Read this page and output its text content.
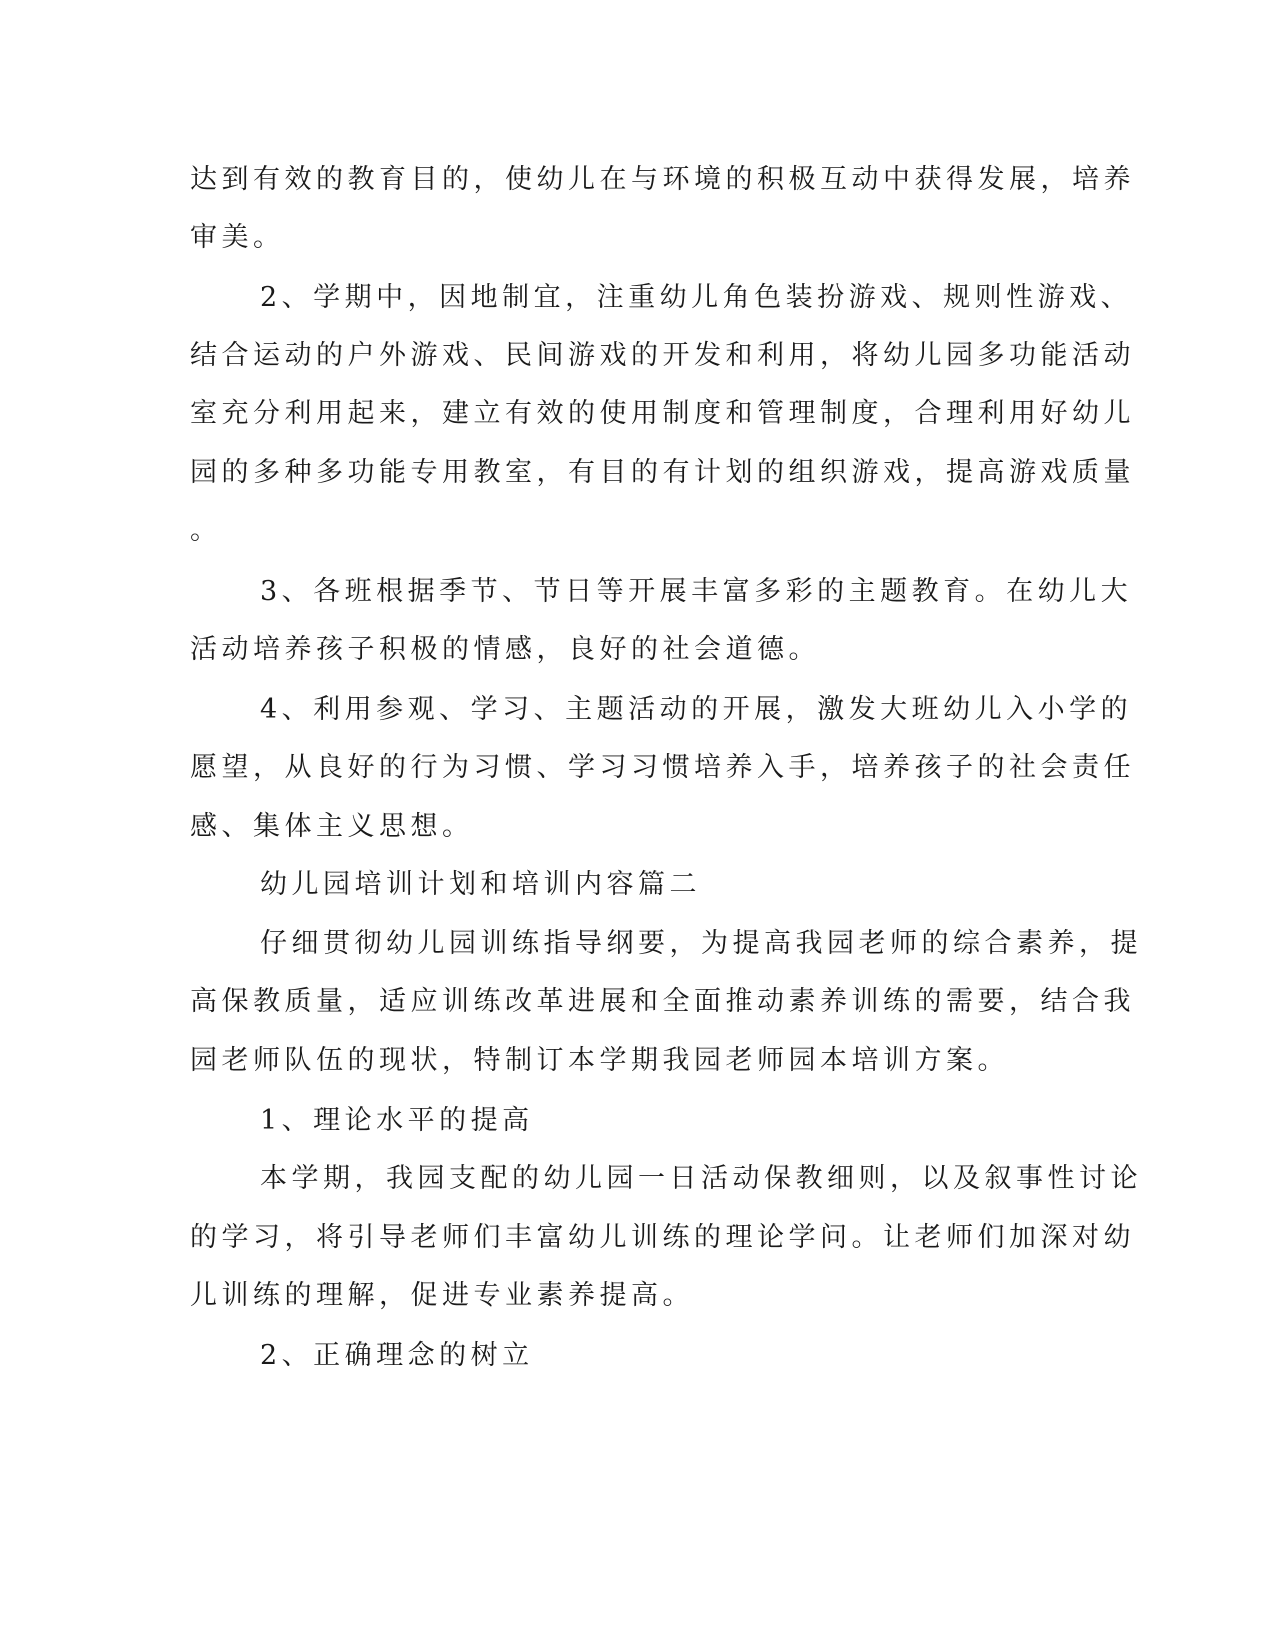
达到有效的教育目的，使幼儿在与环境的积极互动中获得发展，培养
审美。
2、学期中，因地制宜，注重幼儿角色装扮游戏、规则性游戏、
结合运动的户外游戏、民间游戏的开发和利用，将幼儿园多功能活动
室充分利用起来，建立有效的使用制度和管理制度，合理利用好幼儿
园的多种多功能专用教室，有目的有计划的组织游戏，提高游戏质量
。
3、各班根据季节、节日等开展丰富多彩的主题教育。在幼儿大
活动培养孩子积极的情感，良好的社会道德。
4、利用参观、学习、主题活动的开展，激发大班幼儿入小学的
愿望，从良好的行为习惯、学习习惯培养入手，培养孩子的社会责任
感、集体主义思想。
幼儿园培训计划和培训内容篇二
仔细贯彻幼儿园训练指导纲要，为提高我园老师的综合素养，提
高保教质量，适应训练改革进展和全面推动素养训练的需要，结合我
园老师队伍的现状，特制订本学期我园老师园本培训方案。
1、理论水平的提高
本学期，我园支配的幼儿园一日活动保教细则，以及叙事性讨论
的学习，将引导老师们丰富幼儿训练的理论学问。让老师们加深对幼
儿训练的理解，促进专业素养提高。
2、正确理念的树立
